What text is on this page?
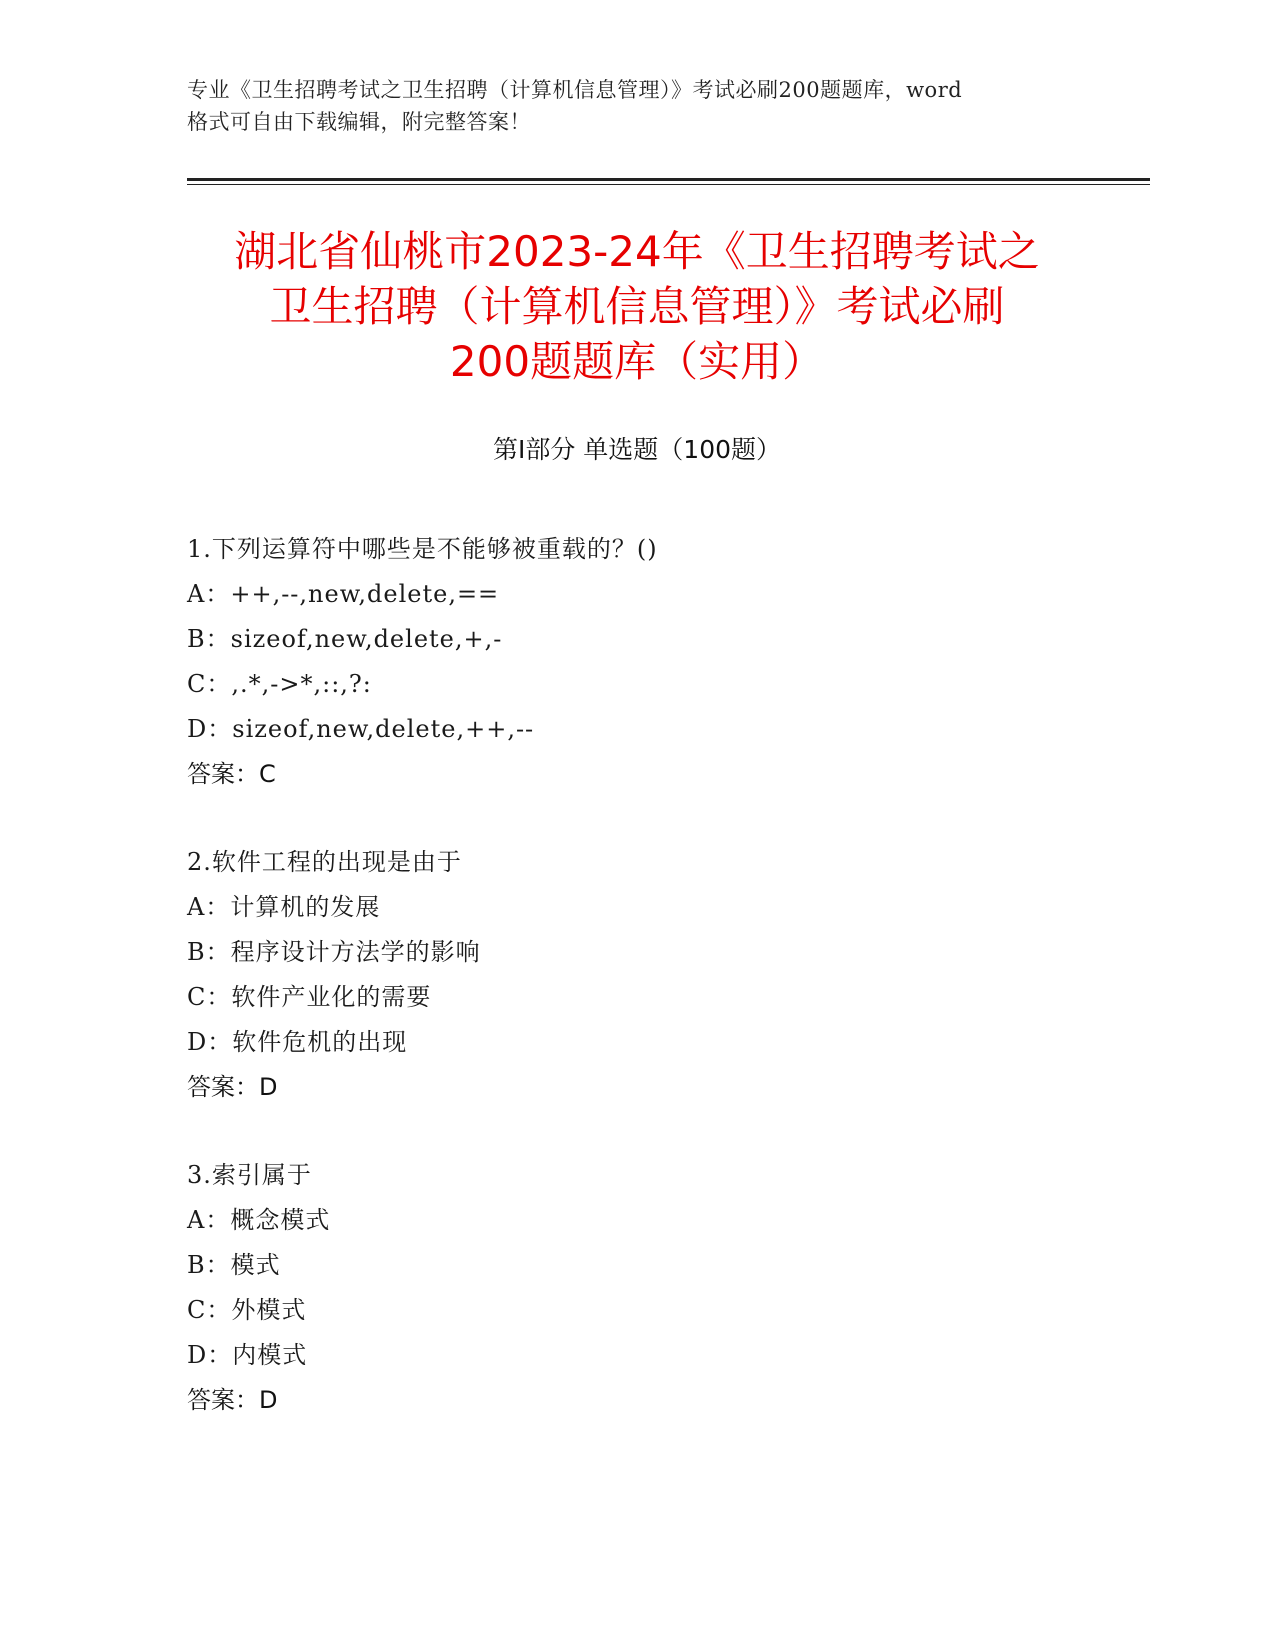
专业《卫生招聘考试之卫生招聘（计算机信息管理）》考试必刷200题题库，word
格式可自由下载编辑，附完整答案！
湖北省仙桃市2023-24年《卫生招聘考试之
卫生招聘（计算机信息管理）》考试必刷
200题题库（实用）
第Ⅰ部分 单选题（100题）
1.下列运算符中哪些是不能够被重载的？()
A：++,--,new,delete,==
B：sizeof,new,delete,+,-
C：,.*,->*,::,?:
D：sizeof,new,delete,++,--
答案：C
2.软件工程的出现是由于
A：计算机的发展
B：程序设计方法学的影响
C：软件产业化的需要
D：软件危机的出现
答案：D
3.索引属于
A：概念模式
B：模式
C：外模式
D：内模式
答案：D
